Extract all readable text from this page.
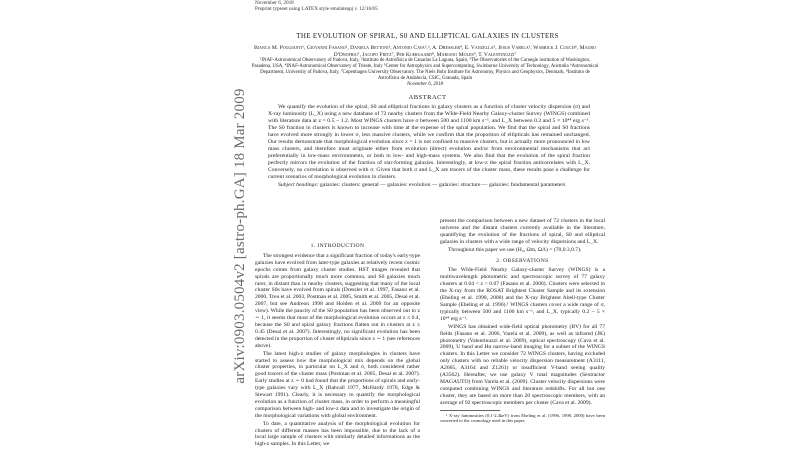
November 6, 2018
Preprint typeset using LATEX style emulateapj v. 12/16/05
arXiv:0903.0504v2 [astro-ph.GA] 18 Mar 2009
THE EVOLUTION OF SPIRAL, S0 AND ELLIPTICAL GALAXIES IN CLUSTERS
Bianca M. Poggianti¹, Giovanni Fasano¹, Daniela Bettoni¹, Antonio Cava²,³, A. Dressler⁴, E. Vanzella⁵, Jesus Varela¹, Warrick J. Couch⁶, Mauro D'Onofrio⁷, Jacopo Fritz⁷, Per Kjærgaard⁸, Mariano Moles⁹, T. Valentinuzzi⁷
¹INAF-Astronomical Observatory of Padova, Italy, ²Instituto de Astrofísica de Canarias La Laguna, Spain, ³The Observatories of the Carnegie institution of Washington, Pasadena, USA, ⁴INAF-Astronomical Observatory of Trieste, Italy ⁵Center for Astrophysics and Supercomputing, Swinburne University of Technology, Australia ⁶Astronomical Department, University of Padova, Italy, ⁷Copenhagen University Observatory. The Niels Bohr Institute for Astronomy, Physics and Geophysics, Denmark, ⁸Instituto de Astrofísica de Andalucia, CSIC, Granada, Spain
November 6, 2018
ABSTRACT
We quantify the evolution of the spiral, S0 and elliptical fractions in galaxy clusters as a function of cluster velocity dispersion (σ) and X-ray luminosity (L_X) using a new database of 72 nearby clusters from the WIde-Field Nearby Galaxy-cluster Survey (WINGS) combined with literature data at z = 0.5 − 1.2. Most WINGS clusters have σ between 500 and 1100 km s⁻¹, and L_X between 0.2 and 5 × 10⁴⁴ erg s⁻¹. The S0 fraction in clusters is known to increase with time at the expense of the spiral population. We find that the spiral and S0 fractions have evolved more strongly in lower σ, less massive clusters, while we confirm that the proportion of ellipticals has remained unchanged. Our results demonstrate that morphological evolution since z = 1 is not confined to massive clusters, but is actually more pronounced in low mass clusters, and therefore must originate either from evolution (direct) evolution and/or from environmental mechanisms that act preferentially in low-mass environments, or both in low- and high-mass systems. We also find that the evolution of the spiral fraction perfectly mirrors the evolution of the fraction of star-forming galaxies. Interestingly, at low-z the spiral fraction anticorrelates with L_X. Conversely, no correlation is observed with σ. Given that both σ and L_X are tracers of the cluster mass, these results pose a challenge for current scenarios of morphological evolution in clusters.
Subject headings: galaxies: clusters: general — galaxies: evolution — galaxies: structure — galaxies: fundamental parameters
1. INTRODUCTION

The strongest evidence that a significant fraction of today's early-type galaxies have evolved from later-type galaxies at relatively recent cosmic epochs comes from galaxy cluster studies. HST images revealed that spirals are proportionally much more common, and S0 galaxies much rarer, in distant than in nearby clusters, suggesting that many of the local cluster S0s have evolved from spirals (Dressler et al. 1997, Fasano et al. 2000, Treu et al. 2003, Postman et al. 2005, Smith et al. 2005, Desai et al. 2007, but see Andreon 1998 and Holden et al. 2009 for an opposite view). While the paucity of the S0 population has been observed out to z ∼ 1, it seems that most of the morphological evolution occurs at z ≤ 0.4, because the S0 and spiral galaxy fractions flatten out in clusters at z ≥ 0.45 (Desai et al. 2007). Interestingly, no significant evolution has been detected in the proportion of cluster ellipticals since z ∼ 1 (see references above).

The latest high-z studies of galaxy morphologies in clusters have started to assess how the morphological mix depends on the global cluster properties, in particular on L_X and σ, both considered rather good tracers of the cluster mass (Postman et al. 2005, Desai et al. 2007). Early studies at z ∼ 0 had found that the proportions of spirals and early-type galaxies vary with L_X (Bahcall 1977, McHardy 1978, Edge & Stewart 1991). Clearly, it is necessary to quantify the morphological evolution as a function of cluster mass, in order to perform a meaningful comparison between high- and low-z data and to investigate the origin of the morphological variations with global environment.

To date, a quantitative analysis of the morphological evolution for clusters of different masses has been impossible, due to the lack of a local large sample of clusters with similarly detailed informations as the high-z samples. In this Letter, we

present the comparison between a new dataset of 72 clusters in the local universe and the distant clusters currently available in the literature, quantifying the evolution of the fractions of spiral, S0 and elliptical galaxies in clusters with a wide range of velocity dispersions and L_X.

Throughout this paper we use (H₀, Ωm, ΩΛ) = (70,0.3,0.7).

2. OBSERVATIONS

The WIde-Field Nearby Galaxy-cluster Survey (WINGS) is a multiwavelength photometric and spectroscopic survey of 77 galaxy clusters at 0.04 < z < 0.07 (Fasano et al. 2006). Clusters were selected in the X-ray from the ROSAT Brightest Cluster Sample and its extension (Ebeling et al. 1998, 2000) and the X-ray Brightest Abell-type Cluster Sample (Ebeling et al. 1996).¹ WINGS clusters cover a wide range of σ, typically between 500 and 1100 km s⁻¹, and L_X, typically 0.2 − 5 × 10⁴⁴ erg s⁻¹.

WINGS has obtained wide-field optical photometry (BV) for all 77 fields (Fasano et al. 2006, Varela et al. 2009), as well as infrared (JK) photometry (Valentinuzzi et al. 2009), optical spectroscopy (Cava et al. 2009), U band and Hα narrow-band imaging for a subset of the WINGS clusters. In this Letter we consider 72 WINGS clusters, having excluded only clusters with no reliable velocity dispersion measurement (A3111, A2665, A3164 and Z1261) or insufficient V-band seeing quality (A3562). Hereafter, we use galaxy V total magnitudes (Sextractor MAGAUTO) from Varela et al. (2009). Cluster velocity dispersions were computed combining WINGS and literature redshifts. For all but one cluster, they are based on more than 20 spectroscopic members, with an average of 92 spectroscopic members per cluster (Cava et al. 2009).

¹ X-ray luminosities (0.1-2.4keV) from Ebeling et al. (1996, 1998, 2000) have been converted to the cosmology used in this paper.
